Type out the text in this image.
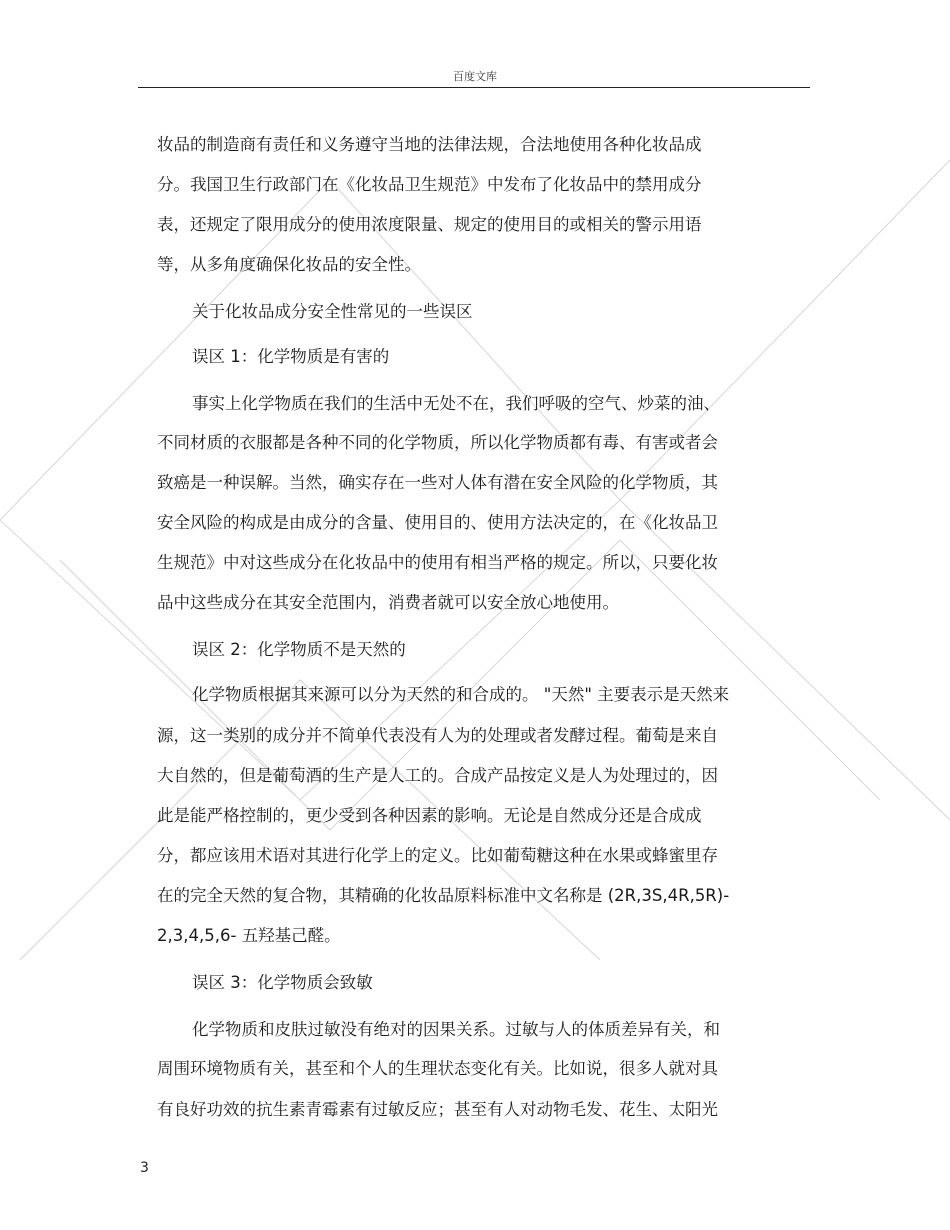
百度文库
妆品的制造商有责任和义务遵守当地的法律法规，合法地使用各种化妆品成
分。我国卫生行政部门在《化妆品卫生规范》中发布了化妆品中的禁用成分
表，还规定了限用成分的使用浓度限量、规定的使用目的或相关的警示用语
等，从多角度确保化妆品的安全性。
关于化妆品成分安全性常见的一些误区
误区 1：化学物质是有害的
事实上化学物质在我们的生活中无处不在，我们呼吸的空气、炒菜的油、
不同材质的衣服都是各种不同的化学物质，所以化学物质都有毒、有害或者会
致癌是一种误解。当然，确实存在一些对人体有潜在安全风险的化学物质，其
安全风险的构成是由成分的含量、使用目的、使用方法决定的，在《化妆品卫
生规范》中对这些成分在化妆品中的使用有相当严格的规定。所以，只要化妆
品中这些成分在其安全范围内，消费者就可以安全放心地使用。
误区 2：化学物质不是天然的
化学物质根据其来源可以分为天然的和合成的。 "天然" 主要表示是天然来
源，这一类别的成分并不简单代表没有人为的处理或者发酵过程。葡萄是来自
大自然的，但是葡萄酒的生产是人工的。合成产品按定义是人为处理过的，因
此是能严格控制的，更少受到各种因素的影响。无论是自然成分还是合成成
分，都应该用术语对其进行化学上的定义。比如葡萄糖这种在水果或蜂蜜里存
在的完全天然的复合物，其精确的化妆品原料标准中文名称是 (2R,3S,4R,5R)-
2,3,4,5,6- 五羟基己醛。
误区 3：化学物质会致敏
化学物质和皮肤过敏没有绝对的因果关系。过敏与人的体质差异有关，和
周围环境物质有关，甚至和个人的生理状态变化有关。比如说，很多人就对具
有良好功效的抗生素青霉素有过敏反应；甚至有人对动物毛发、花生、太阳光
3
